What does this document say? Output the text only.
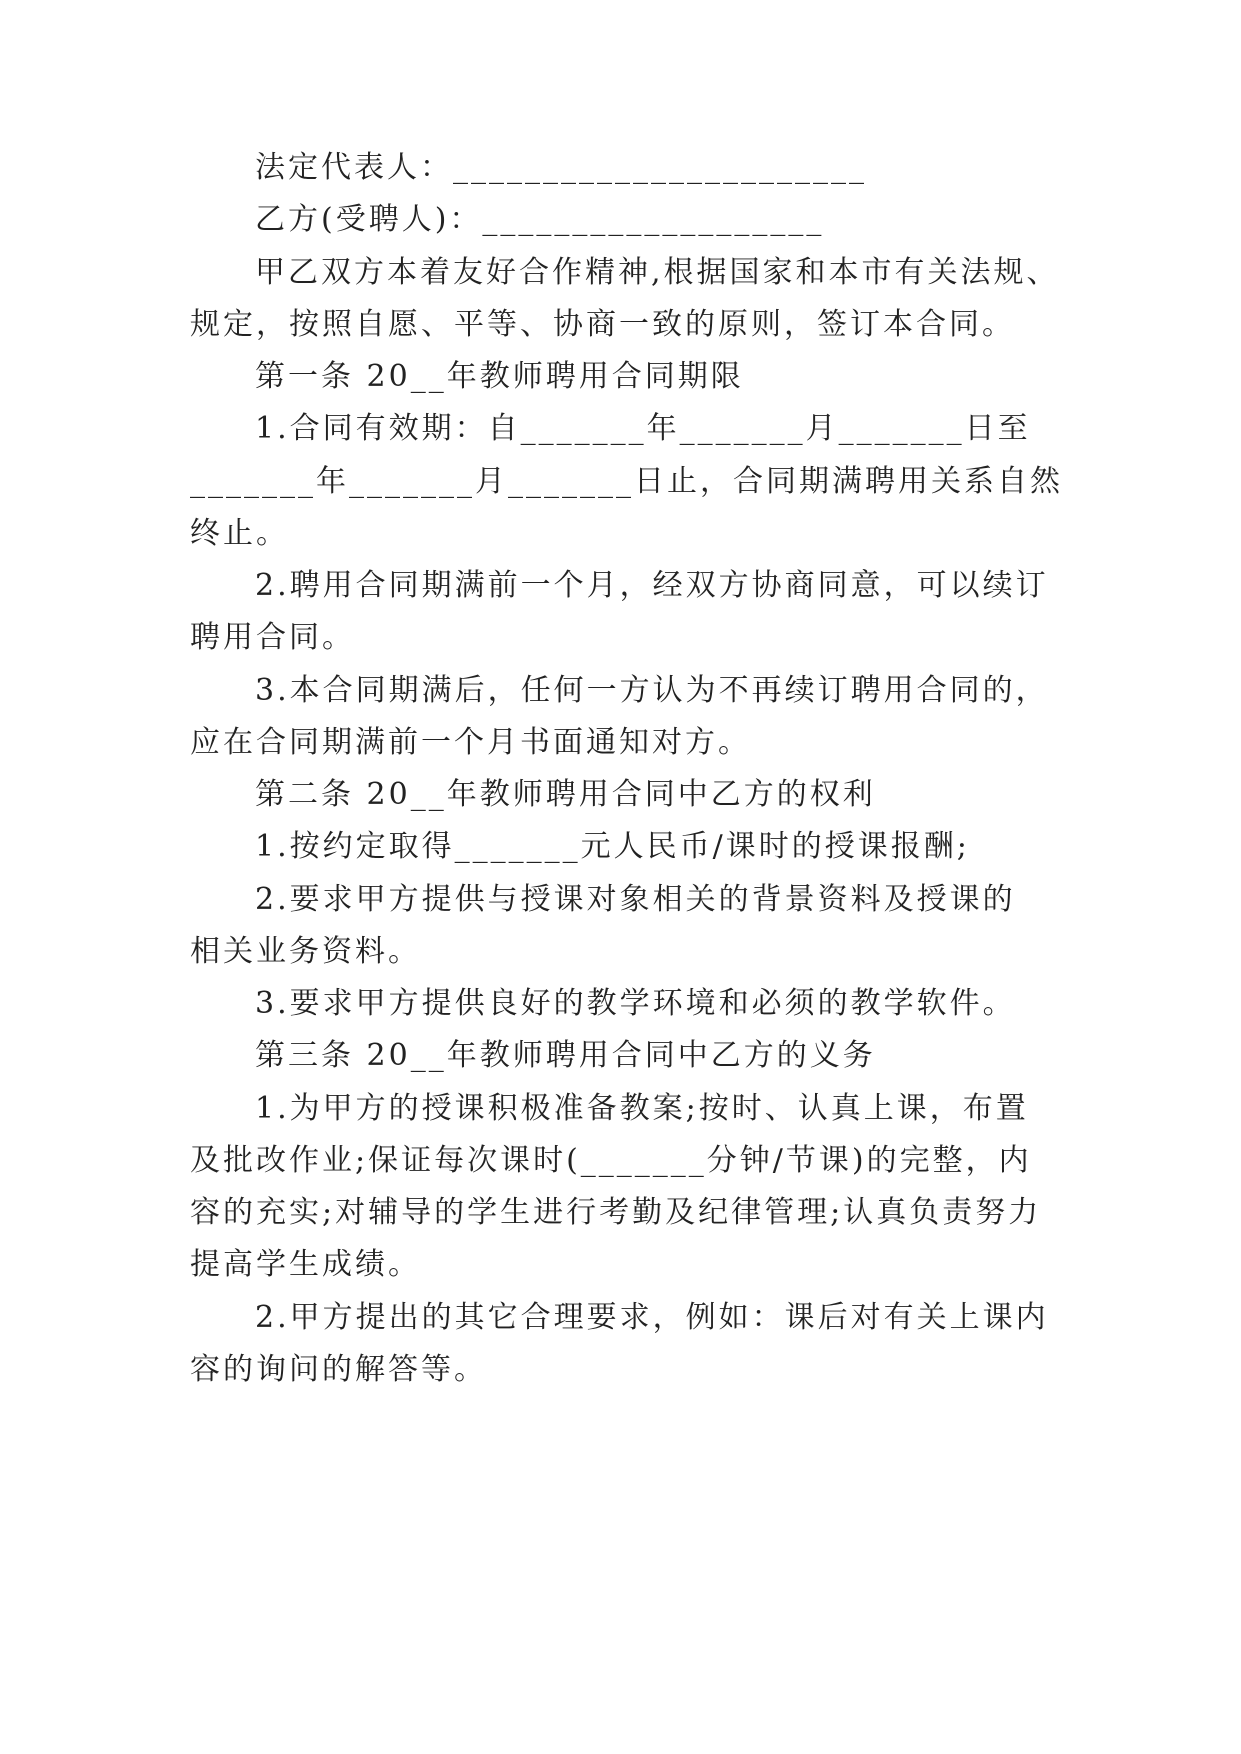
法定代表人：_______________________

乙方(受聘人)：___________________

甲乙双方本着友好合作精神,根据国家和本市有关法规、

规定，按照自愿、平等、协商一致的原则，签订本合同。

第一条 20__年教师聘用合同期限

1.合同有效期：自_______年_______月_______日至

_______年_______月_______日止，合同期满聘用关系自然

终止。

2.聘用合同期满前一个月，经双方协商同意，可以续订

聘用合同。

3.本合同期满后，任何一方认为不再续订聘用合同的，

应在合同期满前一个月书面通知对方。

第二条 20__年教师聘用合同中乙方的权利

1.按约定取得_______元人民币/课时的授课报酬;

2.要求甲方提供与授课对象相关的背景资料及授课的

相关业务资料。

3.要求甲方提供良好的教学环境和必须的教学软件。

第三条 20__年教师聘用合同中乙方的义务

1.为甲方的授课积极准备教案;按时、认真上课，布置

及批改作业;保证每次课时(_______分钟/节课)的完整，内

容的充实;对辅导的学生进行考勤及纪律管理;认真负责努力

提高学生成绩。

2.甲方提出的其它合理要求，例如：课后对有关上课内

容的询问的解答等。
